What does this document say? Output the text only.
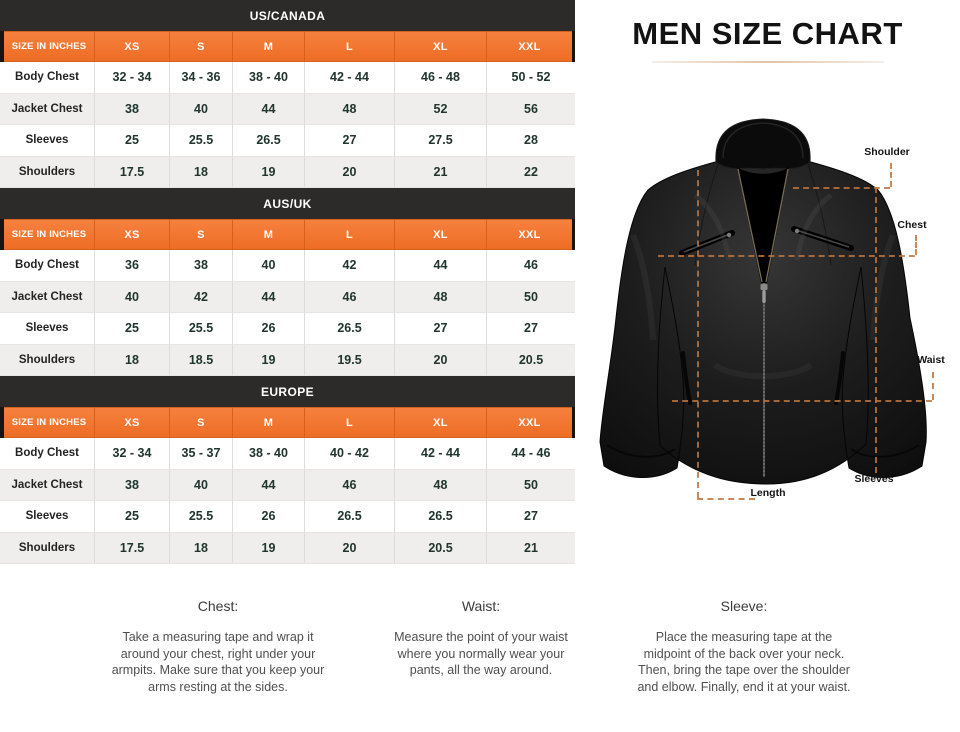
US/CANADA
SIZE IN INCHES	XS	S	M	L	XL	XXL
Body Chest	32 - 34	34 - 36	38 - 40	42 - 44	46 - 48	50 - 52
Jacket Chest	38	40	44	48	52	56
Sleeves	25	25.5	26.5	27	27.5	28
Shoulders	17.5	18	19	20	21	22
AUS/UK
SIZE IN INCHES	XS	S	M	L	XL	XXL
Body Chest	36	38	40	42	44	46
Jacket Chest	40	42	44	46	48	50
Sleeves	25	25.5	26	26.5	27	27
Shoulders	18	18.5	19	19.5	20	20.5
EUROPE
SIZE IN INCHES	XS	S	M	L	XL	XXL
Body Chest	32 - 34	35 - 37	38 - 40	40 - 42	42 - 44	44 - 46
Jacket Chest	38	40	44	46	48	50
Sleeves	25	25.5	26	26.5	26.5	27
Shoulders	17.5	18	19	20	20.5	21
MEN SIZE CHART
Shoulder
Chest
Waist
Sleeves
Length
Chest:

Take a measuring tape and wrap it around your chest, right under your armpits. Make sure that you keep your arms resting at the sides.

Waist:

Measure the point of your waist where you normally wear your pants, all the way around.

Sleeve:

Place the measuring tape at the midpoint of the back over your neck. Then, bring the tape over the shoulder and elbow. Finally, end it at your waist.
